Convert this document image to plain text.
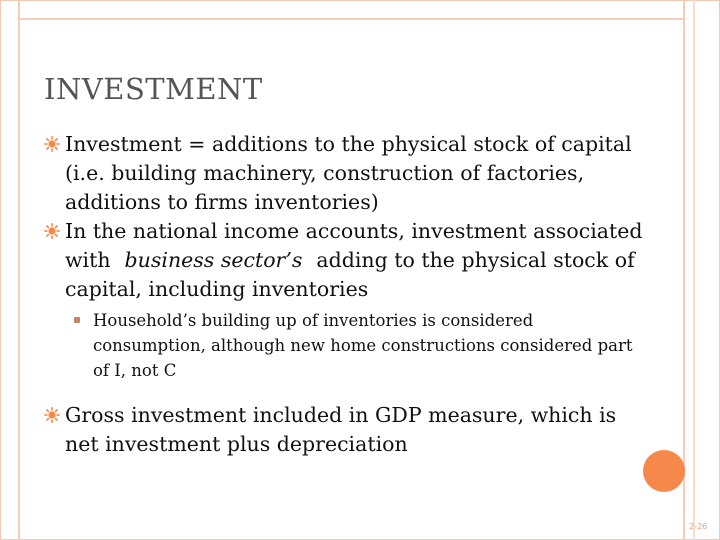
INVESTMENT

Investment = additions to the physical stock of capital (i.e. building machinery, construction of factories, additions to firms inventories)

In the national income accounts, investment associated with business sector’s adding to the physical stock of capital, including inventories

Household’s building up of inventories is considered consumption, although new home constructions considered part of I, not C

Gross investment included in GDP measure, which is net investment plus depreciation

2-26
